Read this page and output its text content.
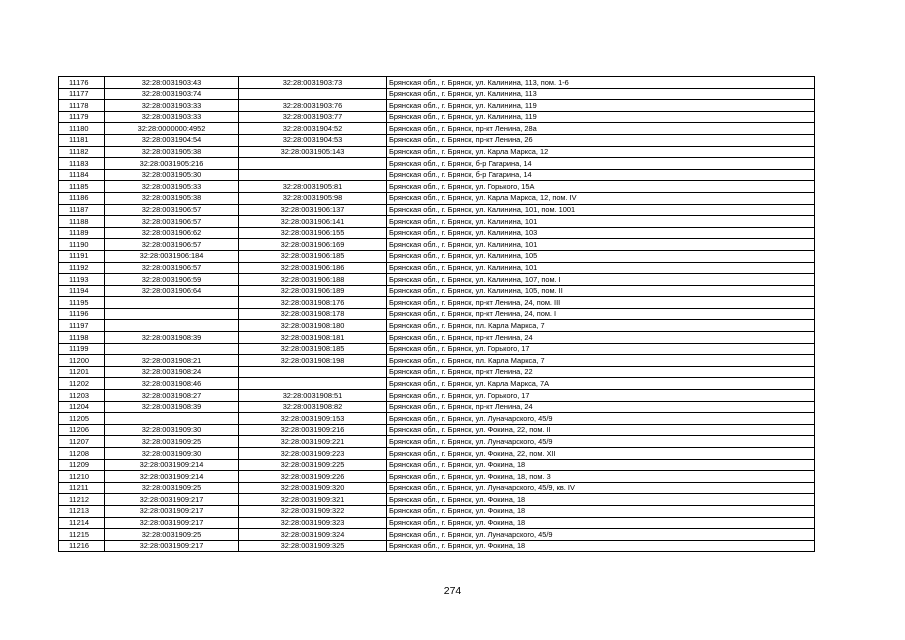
11176	32:28:0031903:43	32:28:0031903:73	Брянская обл., г. Брянск, ул. Калинина, 113, пом. 1-6
11177	32:28:0031903:74		Брянская обл., г. Брянск, ул. Калинина, 113
11178	32:28:0031903:33	32:28:0031903:76	Брянская обл., г. Брянск, ул. Калинина, 119
11179	32:28:0031903:33	32:28:0031903:77	Брянская обл., г. Брянск, ул. Калинина, 119
11180	32:28:0000000:4952	32:28:0031904:52	Брянская обл., г. Брянск, пр-кт Ленина, 28а
11181	32:28:0031904:54	32:28:0031904:53	Брянская обл., г. Брянск, пр-кт Ленина, 26
11182	32:28:0031905:38	32:28:0031905:143	Брянская обл., г. Брянск, ул. Карла Маркса, 12
11183	32:28:0031905:216		Брянская обл., г. Брянск, б-р Гагарина, 14
11184	32:28:0031905:30		Брянская обл., г. Брянск, б-р Гагарина, 14
11185	32:28:0031905:33	32:28:0031905:81	Брянская обл., г. Брянск, ул. Горького, 15А
11186	32:28:0031905:38	32:28:0031905:98	Брянская обл., г. Брянск, ул. Карла Маркса, 12, пом. IV
11187	32:28:0031906:57	32:28:0031906:137	Брянская обл., г. Брянск, ул. Калинина, 101, пом. 1001
11188	32:28:0031906:57	32:28:0031906:141	Брянская обл., г. Брянск, ул. Калинина, 101
11189	32:28:0031906:62	32:28:0031906:155	Брянская обл., г. Брянск, ул. Калинина, 103
11190	32:28:0031906:57	32:28:0031906:169	Брянская обл., г. Брянск, ул. Калинина, 101
11191	32:28:0031906:184	32:28:0031906:185	Брянская обл., г. Брянск, ул. Калинина, 105
11192	32:28:0031906:57	32:28:0031906:186	Брянская обл., г. Брянск, ул. Калинина, 101
11193	32:28:0031906:59	32:28:0031906:188	Брянская обл., г. Брянск, ул. Калинина, 107, пом. I
11194	32:28:0031906:64	32:28:0031906:189	Брянская обл., г. Брянск, ул. Калинина, 105, пом. II
11195		32:28:0031908:176	Брянская обл., г. Брянск, пр-кт Ленина, 24, пом. III
11196		32:28:0031908:178	Брянская обл., г. Брянск, пр-кт Ленина, 24, пом. I
11197		32:28:0031908:180	Брянская обл., г. Брянск, пл. Карла Маркса, 7
11198	32:28:0031908:39	32:28:0031908:181	Брянская обл., г. Брянск, пр-кт Ленина, 24
11199		32:28:0031908:185	Брянская обл., г. Брянск, ул. Горького, 17
11200	32:28:0031908:21	32:28:0031908:198	Брянская обл., г. Брянск, пл. Карла Маркса, 7
11201	32:28:0031908:24		Брянская обл., г. Брянск, пр-кт Ленина, 22
11202	32:28:0031908:46		Брянская обл., г. Брянск, ул. Карла Маркса, 7А
11203	32:28:0031908:27	32:28:0031908:51	Брянская обл., г. Брянск, ул. Горького, 17
11204	32:28:0031908:39	32:28:0031908:82	Брянская обл., г. Брянск, пр-кт Ленина, 24
11205		32:28:0031909:153	Брянская обл., г. Брянск, ул. Луначарского, 45/9
11206	32:28:0031909:30	32:28:0031909:216	Брянская обл., г. Брянск, ул. Фокина, 22, пом. II
11207	32:28:0031909:25	32:28:0031909:221	Брянская обл., г. Брянск, ул. Луначарского, 45/9
11208	32:28:0031909:30	32:28:0031909:223	Брянская обл., г. Брянск, ул. Фокина, 22, пом. XII
11209	32:28:0031909:214	32:28:0031909:225	Брянская обл., г. Брянск, ул. Фокина, 18
11210	32:28:0031909:214	32:28:0031909:226	Брянская обл., г. Брянск, ул. Фокина, 18, пом. 3
11211	32:28:0031909:25	32:28:0031909:320	Брянская обл., г. Брянск, ул. Луначарского, 45/9, кв. IV
11212	32:28:0031909:217	32:28:0031909:321	Брянская обл., г. Брянск, ул. Фокина, 18
11213	32:28:0031909:217	32:28:0031909:322	Брянская обл., г. Брянск, ул. Фокина, 18
11214	32:28:0031909:217	32:28:0031909:323	Брянская обл., г. Брянск, ул. Фокина, 18
11215	32:28:0031909:25	32:28:0031909:324	Брянская обл., г. Брянск, ул. Луначарского, 45/9
11216	32:28:0031909:217	32:28:0031909:325	Брянская обл., г. Брянск, ул. Фокина, 18
274
